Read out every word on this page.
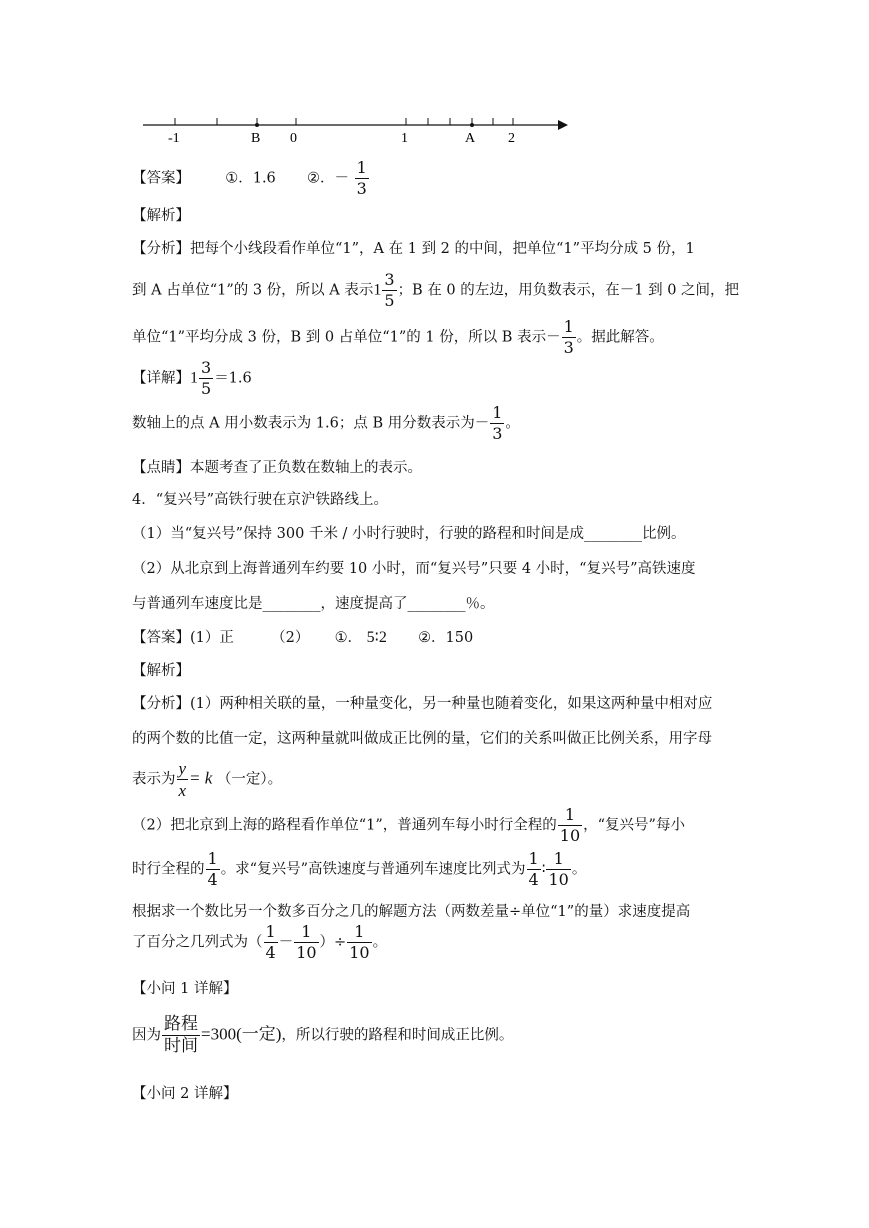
-1	B 0	1	A 2
【答案】 ①．1.6 ②．－ $\frac{1}{3}$
【解析】
【分析】把每个小线段看作单位“1”，A 在 1 到 2 的中间，把单位“1”平均分成 5 份，1
到 A 占单位“1”的 3 份，所以 A 表示$1 \frac{3}{5}$ ；B 在 0 的左边，用负数表示，在－1 到 0 之间，把
单位“1”平均分成 3 份，B 到 0 占单位“1”的 1 份，所以 B 表示－ $\frac{1}{3}$ 。据此解答。
【详解】$1 \frac{3}{5} =1.6$
数轴上的点 A 用小数表示为 1.6；点 B 用分数表示为－ $\frac{1}{3}$ 。
【点睛】本题考查了正负数在数轴上的表示。
4．“复兴号”高铁行驶在京沪铁路线上。
（1）当“复兴号”保持 300 千米 / 小时行驶时，行驶的路程和时间是成________比例。
（2）从北京到上海普通列车约要 10 小时，而“复兴号”只要 4 小时，“复兴号”高铁速度
与普通列车速度比是________，速度提高了________％。
【答案】(1）正	（2） ①． 5∶2 ②．150
【解析】
【分析】(1）两种相关联的量，一种量变化，另一种量也随着变化，如果这两种量中相对应
的两个数的比值一定，这两种量就叫做成正比例的量，它们的关系叫做正比例关系，用字母
表示为 $\frac{y}{x} = k$ （一定）。
（2）把北京到上海的路程看作单位“1”，普通列车每小时行全程的 $\frac{1}{10}$ ，“复兴号”每小
时行全程的 $\frac{1}{4}$ 。求“复兴号”高铁速度与普通列车速度比列式为 $\frac{1}{4}$ ∶ $\frac{1}{10}$ 。
根据求一个数比另一个数多百分之几的解题方法（两数差量÷单位“1”的量）求速度提高
了百分之几列式为（ $\frac{1}{4} - \frac{1}{10}$ ）÷ $\frac{1}{10}$ 。
【小问 1 详解】
因为 $\frac{\text{路程}}{\text{时间}} =300$(一定)，所以行驶的路程和时间成正比例。
【小问 2 详解】
